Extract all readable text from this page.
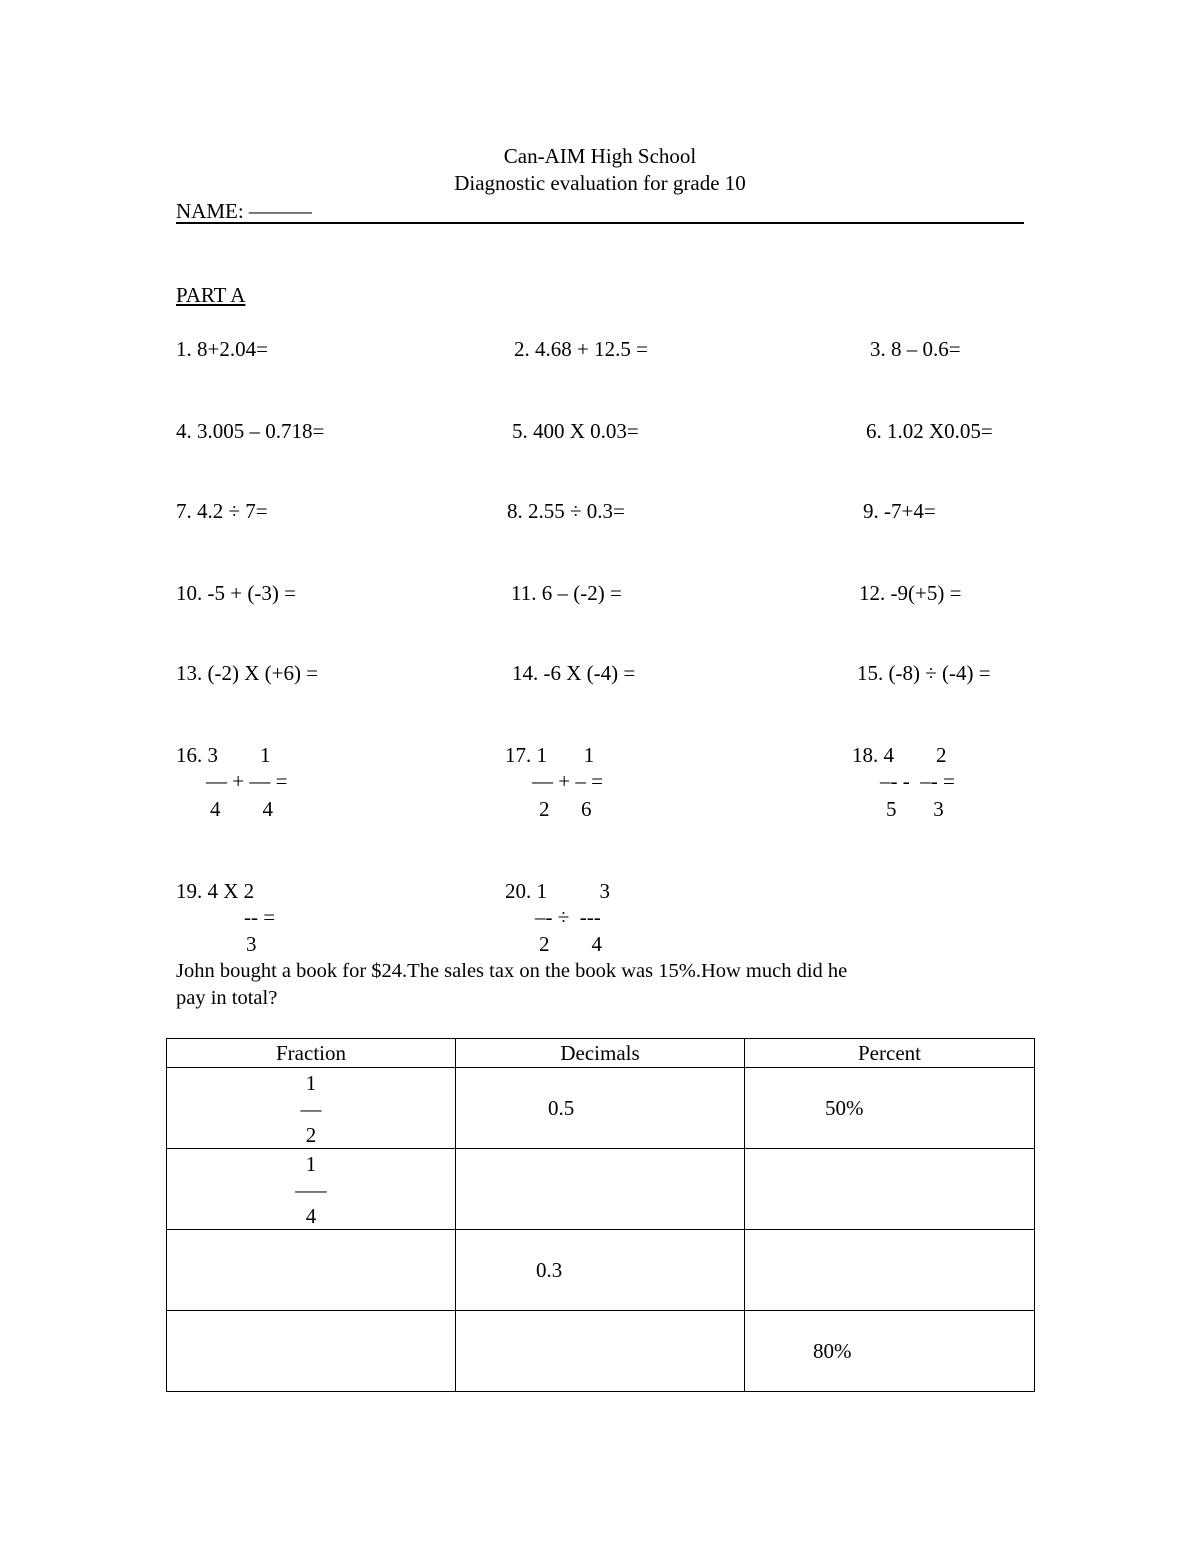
Can-AIM High School
Diagnostic evaluation for grade 10
NAME: ––––––
PART A
1. 8+2.04=	2. 4.68 + 12.5 =	3. 8 – 0.6=
4. 3.005 – 0.718=	5. 400 X 0.03=	6. 1.02 X0.05=
7. 4.2 ÷ 7=	8. 2.55 ÷ 0.3=	9. -7+4=
10. -5 + (-3) =	11. 6 – (-2) =	12. -9(+5) =
13. (-2) X (+6) =	14. -6 X (-4) =	15. (-8) ÷ (-4) =
16. 3        1
–– + –– =
4        4
17. 1       1
–– + – =
2      6
18. 4        2
–- -  –- =
5       3
19. 4 X 2
-- =
3
20. 1          3
–- ÷  ---
2        4
John bought a book for $24.The sales tax on the book was 15%.How much did he
pay in total?
Fraction	Decimals	Percent

1
––
2	0.5	50%

1
–––
4		

	0.3	

		80%
